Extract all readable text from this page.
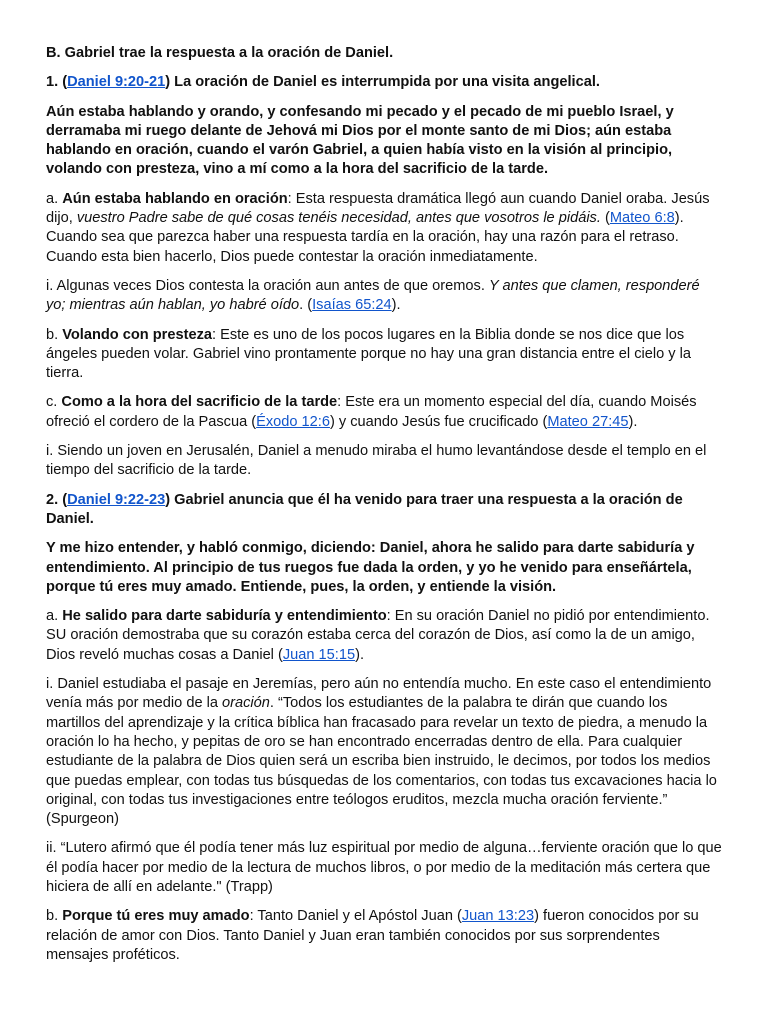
B. Gabriel trae la respuesta a la oración de Daniel.

1. (Daniel 9:20-21) La oración de Daniel es interrumpida por una visita angelical.

Aún estaba hablando y orando, y confesando mi pecado y el pecado de mi pueblo Israel, y derramaba mi ruego delante de Jehová mi Dios por el monte santo de mi Dios; aún estaba hablando en oración, cuando el varón Gabriel, a quien había visto en la visión al principio, volando con presteza, vino a mí como a la hora del sacrificio de la tarde.

a. Aún estaba hablando en oración: Esta respuesta dramática llegó aun cuando Daniel oraba. Jesús dijo, vuestro Padre sabe de qué cosas tenéis necesidad, antes que vosotros le pidáis. (Mateo 6:8). Cuando sea que parezca haber una respuesta tardía en la oración, hay una razón para el retraso. Cuando esta bien hacerlo, Dios puede contestar la oración inmediatamente.

i. Algunas veces Dios contesta la oración aun antes de que oremos. Y antes que clamen, responderé yo; mientras aún hablan, yo habré oído. (Isaías 65:24).

b. Volando con presteza: Este es uno de los pocos lugares en la Biblia donde se nos dice que los ángeles pueden volar. Gabriel vino prontamente porque no hay una gran distancia entre el cielo y la tierra.

c. Como a la hora del sacrificio de la tarde: Este era un momento especial del día, cuando Moisés ofreció el cordero de la Pascua (Éxodo 12:6) y cuando Jesús fue crucificado (Mateo 27:45).

i. Siendo un joven en Jerusalén, Daniel a menudo miraba el humo levantándose desde el templo en el tiempo del sacrificio de la tarde.

2. (Daniel 9:22-23) Gabriel anuncia que él ha venido para traer una respuesta a la oración de Daniel.

Y me hizo entender, y habló conmigo, diciendo: Daniel, ahora he salido para darte sabiduría y entendimiento. Al principio de tus ruegos fue dada la orden, y yo he venido para enseñártela, porque tú eres muy amado. Entiende, pues, la orden, y entiende la visión.

a. He salido para darte sabiduría y entendimiento: En su oración Daniel no pidió por entendimiento. SU oración demostraba que su corazón estaba cerca del corazón de Dios, así como la de un amigo, Dios reveló muchas cosas a Daniel (Juan 15:15).

i. Daniel estudiaba el pasaje en Jeremías, pero aún no entendía mucho. En este caso el entendimiento venía más por medio de la oración. “Todos los estudiantes de la palabra te dirán que cuando los martillos del aprendizaje y la crítica bíblica han fracasado para revelar un texto de piedra, a menudo la oración lo ha hecho, y pepitas de oro se han encontrado encerradas dentro de ella. Para cualquier estudiante de la palabra de Dios quien será un escriba bien instruido, le decimos, por todos los medios que puedas emplear, con todas tus búsquedas de los comentarios, con todas tus excavaciones hacia lo original, con todas tus investigaciones entre teólogos eruditos, mezcla mucha oración ferviente.” (Spurgeon)

ii. “Lutero afirmó que él podía tener más luz espiritual por medio de alguna…ferviente oración que lo que él podía hacer por medio de la lectura de muchos libros, o por medio de la meditación más certera que hiciera de allí en adelante." (Trapp)

b. Porque tú eres muy amado: Tanto Daniel y el Apóstol Juan (Juan 13:23) fueron conocidos por su relación de amor con Dios. Tanto Daniel y Juan eran también conocidos por sus sorprendentes mensajes proféticos.
